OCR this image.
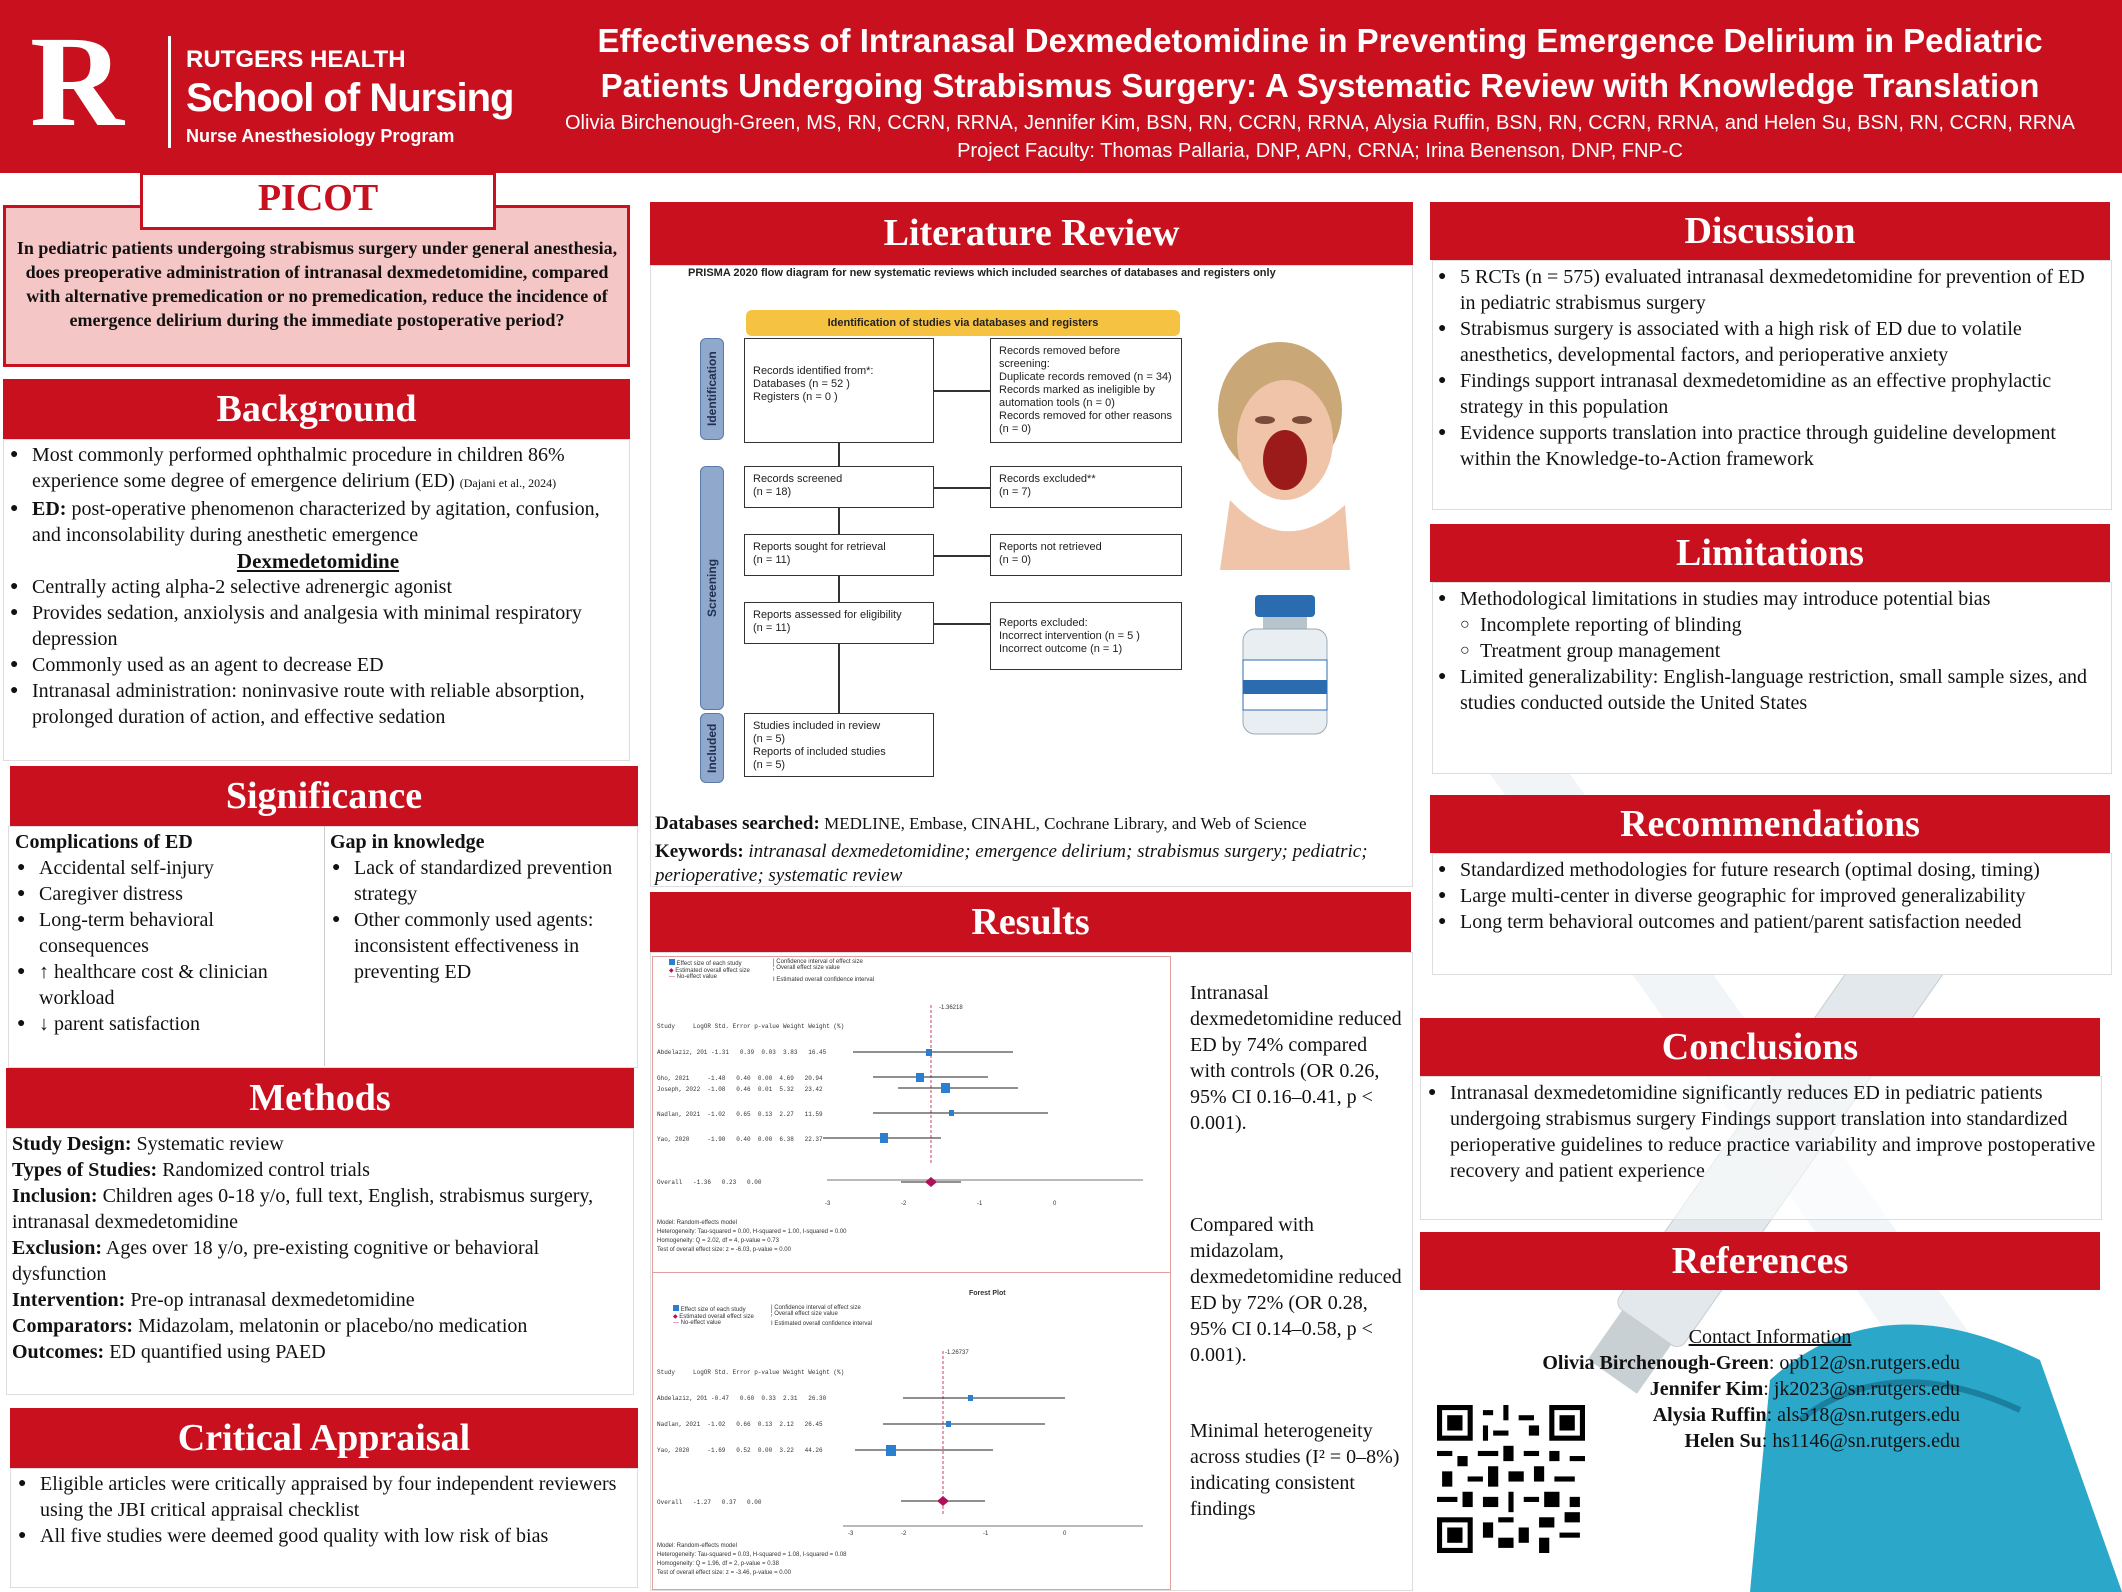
R	RUTGERS HEALTH
School of Nursing
Nurse Anesthesiology Program
Effectiveness of Intranasal Dexmedetomidine in Preventing Emergence Delirium in Pediatric
Patients Undergoing Strabismus Surgery: A Systematic Review with Knowledge Translation
Olivia Birchenough-Green, MS, RN, CCRN, RRNA, Jennifer Kim, BSN, RN, CCRN, RRNA, Alysia Ruffin, BSN, RN, CCRN, RRNA, and Helen Su, BSN, RN, CCRN, RRNA
Project Faculty: Thomas Pallaria, DNP, APN, CRNA; Irina Benenson, DNP, FNP-C
PICOT
In pediatric patients undergoing strabismus surgery under general anesthesia, does preoperative administration of intranasal dexmedetomidine, compared with alternative premedication or no premedication, reduce the incidence of emergence delirium during the immediate postoperative period?
Background
● Most commonly performed ophthalmic procedure in children 86% experience some degree of emergence delirium (ED) (Dajani et al., 2024)
● ED: post-operative phenomenon characterized by agitation, confusion, and inconsolability during anesthetic emergence
Dexmedetomidine
● Centrally acting alpha-2 selective adrenergic agonist
● Provides sedation, anxiolysis and analgesia with minimal respiratory depression
● Commonly used as an agent to decrease ED
● Intranasal administration: noninvasive route with reliable absorption, prolonged duration of action, and effective sedation
Significance
Complications of ED
● Accidental self-injury
● Caregiver distress
● Long-term behavioral consequences
● ↑ healthcare cost & clinician workload
● ↓ parent satisfaction
Gap in knowledge
● Lack of standardized prevention strategy
● Other commonly used agents: inconsistent effectiveness in preventing ED
Methods
Study Design: Systematic review
Types of Studies: Randomized control trials
Inclusion: Children ages 0-18 y/o, full text, English, strabismus surgery, intranasal dexmedetomidine
Exclusion: Ages over 18 y/o, pre-existing cognitive or behavioral dysfunction
Intervention: Pre-op intranasal dexmedetomidine
Comparators: Midazolam, melatonin or placebo/no medication
Outcomes: ED quantified using PAED
Critical Appraisal
● Eligible articles were critically appraised by four independent reviewers using the JBI critical appraisal checklist
● All five studies were deemed good quality with low risk of bias
Literature Review
PRISMA 2020 flow diagram for new systematic reviews which included searches of databases and registers only
Identification of studies via databases and registers
Identification
Screening
Included
Records identified from*:
Databases (n = 52 )
Registers (n = 0 )
Records removed before screening:
Duplicate records removed (n = 34)
Records marked as ineligible by automation tools (n = 0)
Records removed for other reasons (n = 0)
Records screened
(n = 18)
Records excluded**
(n = 7)
Reports sought for retrieval
(n = 11)
Reports not retrieved
(n = 0)
Reports assessed for eligibility
(n = 11)	Reports excluded:
Incorrect intervention (n = 5 )
Incorrect outcome (n = 1)
Studies included in review
(n = 5)
Reports of included studies
(n = 5)
Databases searched: MEDLINE, Embase, CINAHL, Cochrane Library, and Web of Science
Keywords: intranasal dexmedetomidine; emergence delirium; strabismus surgery; pediatric; perioperative; systematic review
Results
Effect size of each study
◆ Estimated overall effect size
--- No-effect value
| Confidence interval of effect size
¦ Overall effect size value
I Estimated overall confidence interval
-1.36218
Study     LogOR Std. Error p-value Weight Weight (%)
Abdelaziz, 201 -1.31   0.39  0.03  3.83   16.45
Gho, 2021     -1.48   0.40  0.00  4.69   20.94
Joseph, 2022  -1.08   0.46  0.01  5.32   23.42
Nadlan, 2021  -1.02   0.65  0.13  2.27   11.59
Yao, 2020     -1.90   0.40  0.00  6.38   22.37
Overall   -1.36   0.23   0.00
-3	-2	-1	0
Model: Random-effects model
Heterogeneity: Tau-squared = 0.00, H-squared = 1.00, I-squared = 0.00
Homogeneity: Q = 2.02, df = 4, p-value = 0.73
Test of overall effect size: z = -6.03, p-value = 0.00
Forest Plot
Effect size of each study
◆ Estimated overall effect size
--- No-effect value
| Confidence interval of effect size
¦ Overall effect size value
I Estimated overall confidence interval
-1.26737
Study     LogOR Std. Error p-value Weight Weight (%)
Abdelaziz, 201 -0.47   0.60  0.33  2.31   26.30
Nadlan, 2021  -1.02   0.66  0.13  2.12   26.45
Yao, 2020     -1.69   0.52  0.00  3.22   44.26
Overall   -1.27   0.37   0.00
-3	-2	-1	0
Model: Random-effects model
Heterogeneity: Tau-squared = 0.03, H-squared = 1.08, I-squared = 0.08
Homogeneity: Q = 1.96, df = 2, p-value = 0.38
Test of overall effect size: z = -3.46, p-value = 0.00
Intranasal dexmedetomidine reduced ED by 74% compared with controls (OR 0.26, 95% CI 0.16–0.41, p < 0.001).
Compared with midazolam, dexmedetomidine reduced ED by 72% (OR 0.28, 95% CI 0.14–0.58, p < 0.001).
Minimal heterogeneity across studies (I² = 0–8%) indicating consistent findings
Discussion
● 5 RCTs (n = 575) evaluated intranasal dexmedetomidine for prevention of ED in pediatric strabismus surgery
● Strabismus surgery is associated with a high risk of ED due to volatile anesthetics, developmental factors, and perioperative anxiety
● Findings support intranasal dexmedetomidine as an effective prophylactic strategy in this population
● Evidence supports translation into practice through guideline development within the Knowledge-to-Action framework
Limitations
● Methodological limitations in studies may introduce potential bias
○ Incomplete reporting of blinding
○ Treatment group management
● Limited generalizability: English-language restriction, small sample sizes, and studies conducted outside the United States
Recommendations
● Standardized methodologies for future research (optimal dosing, timing)
● Large multi-center in diverse geographic for improved generalizability
● Long term behavioral outcomes and patient/parent satisfaction needed
Conclusions
● Intranasal dexmedetomidine significantly reduces ED in pediatric patients undergoing strabismus surgery Findings support translation into standardized perioperative guidelines to reduce practice variability and improve postoperative recovery and patient experience
References
Contact Information
Olivia Birchenough-Green: opb12@sn.rutgers.edu
Jennifer Kim: jk2023@sn.rutgers.edu
Alysia Ruffin: als518@sn.rutgers.edu
Helen Su: hs1146@sn.rutgers.edu
